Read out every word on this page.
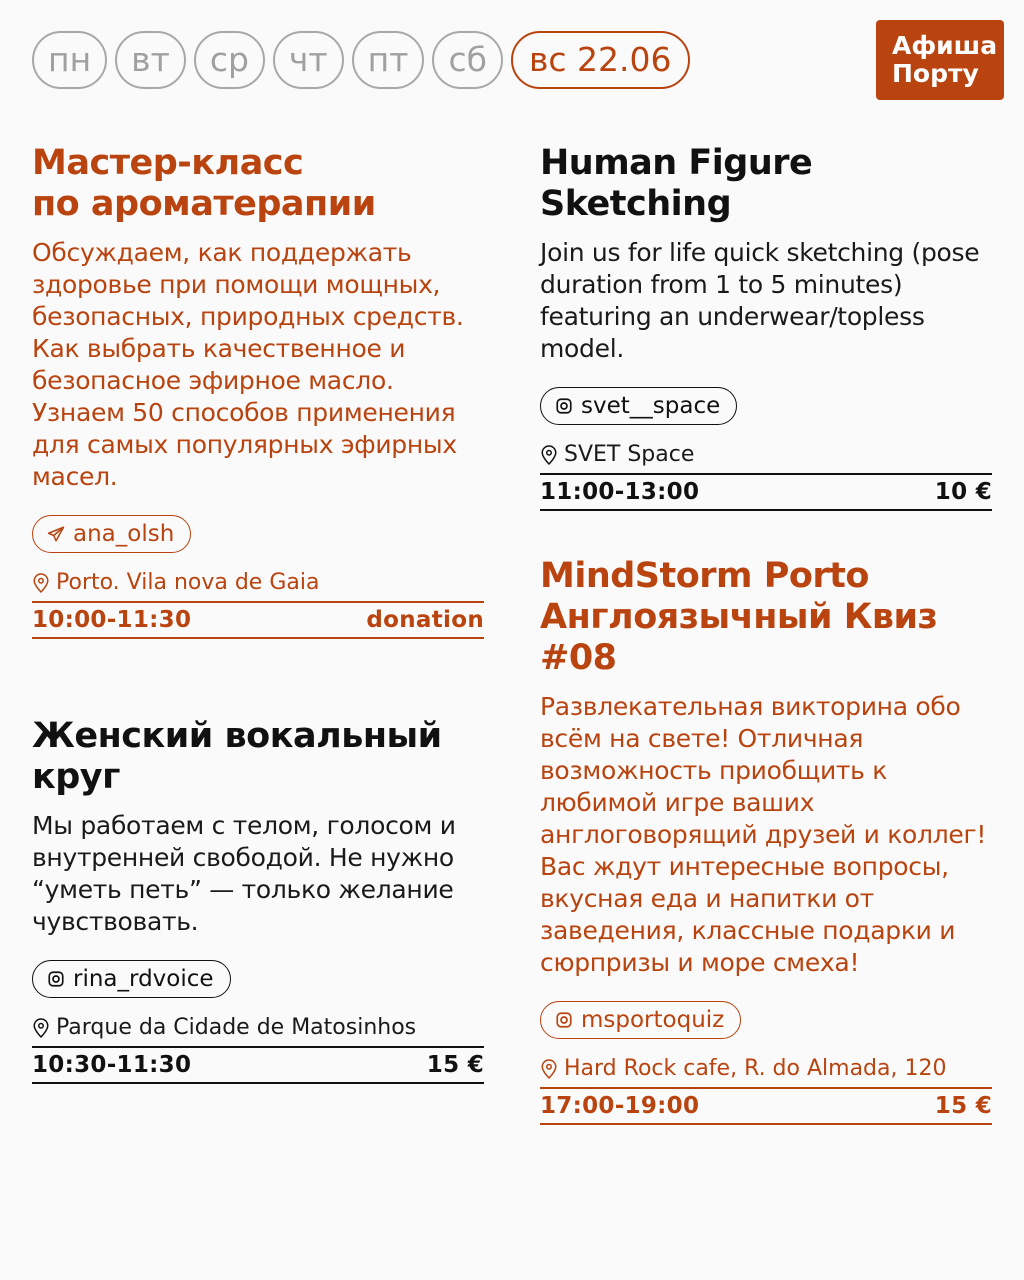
пн	вт	ср	чт	пт	сб	вс 22.06	Афиша
Порту
Мастер-класс
по ароматерапии
Обсуждаем, как поддержать здоровье при помощи мощных, безопасных, природных средств. Как выбрать качественное и безопасное эфирное масло. Узнаем 50 способов применения для самых популярных эфирных масел.
ana_olsh
Porto. Vila nova de Gaia
10:00-11:30	donation
Human Figure
Sketching
Join us for life quick sketching (pose duration from 1 to 5 minutes) featuring an underwear/topless model.
svet__space
SVET Space
11:00-13:00	10 €
Женский вокальный
круг
Мы работаем с телом, голосом и внутренней свободой. Не нужно “уметь петь” — только желание чувствовать.
rina_rdvoice
Parque da Cidade de Matosinhos
10:30-11:30	15 €
MindStorm Porto
Англоязычный Квиз
#08
Развлекательная викторина обо всём на свете! Отличная возможность приобщить к любимой игре ваших англоговорящий друзей и коллег! Вас ждут интересные вопросы, вкусная еда и напитки от заведения, классные подарки и сюрпризы и море смеха!
msportoquiz
Hard Rock cafe, R. do Almada, 120
17:00-19:00	15 €
